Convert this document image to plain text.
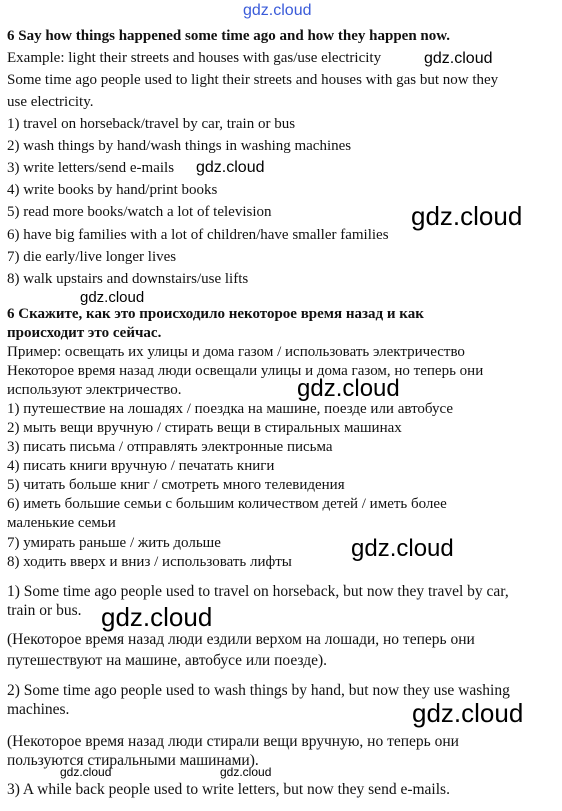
6 Say how things happened some time ago and how they happen now.
Example: light their streets and houses with gas/use electricity
Some time ago people used to light their streets and houses with gas but now they
use electricity.
1) travel on horseback/travel by car, train or bus
2) wash things by hand/wash things in washing machines
3) write letters/send e-mails
4) write books by hand/print books
5) read more books/watch a lot of television
6) have big families with a lot of children/have smaller families
7) die early/live longer lives
8) walk upstairs and downstairs/use lifts
6 Скажите, как это происходило некоторое время назад и как
происходит это сейчас.
Пример: освещать их улицы и дома газом / использовать электричество
Некоторое время назад люди освещали улицы и дома газом, но теперь они
используют электричество.
1) путешествие на лошадях / поездка на машине, поезде или автобусе
2) мыть вещи вручную / стирать вещи в стиральных машинах
3) писать письма / отправлять электронные письма
4) писать книги вручную / печатать книги
5) читать больше книг / смотреть много телевидения
6) иметь большие семьи с большим количеством детей / иметь более
маленькие семьи
7) умирать раньше / жить дольше
8) ходить вверх и вниз / использовать лифты
1) Some time ago people used to travel on horseback, but now they travel by car,
train or bus.
(Некоторое время назад люди ездили верхом на лошади, но теперь они
путешествуют на машине, автобусе или поезде).
2) Some time ago people used to wash things by hand, but now they use washing
machines.
(Некоторое время назад люди стирали вещи вручную, но теперь они
пользуются стиральными машинами).
3) A while back people used to write letters, but now they send e-mails.
gdz.cloud
gdz.cloud
gdz.cloud
gdz.cloud
gdz.cloud
gdz.cloud
gdz.cloud
gdz.cloud
gdz.cloud
gdz.cloud	gdz.cloud
